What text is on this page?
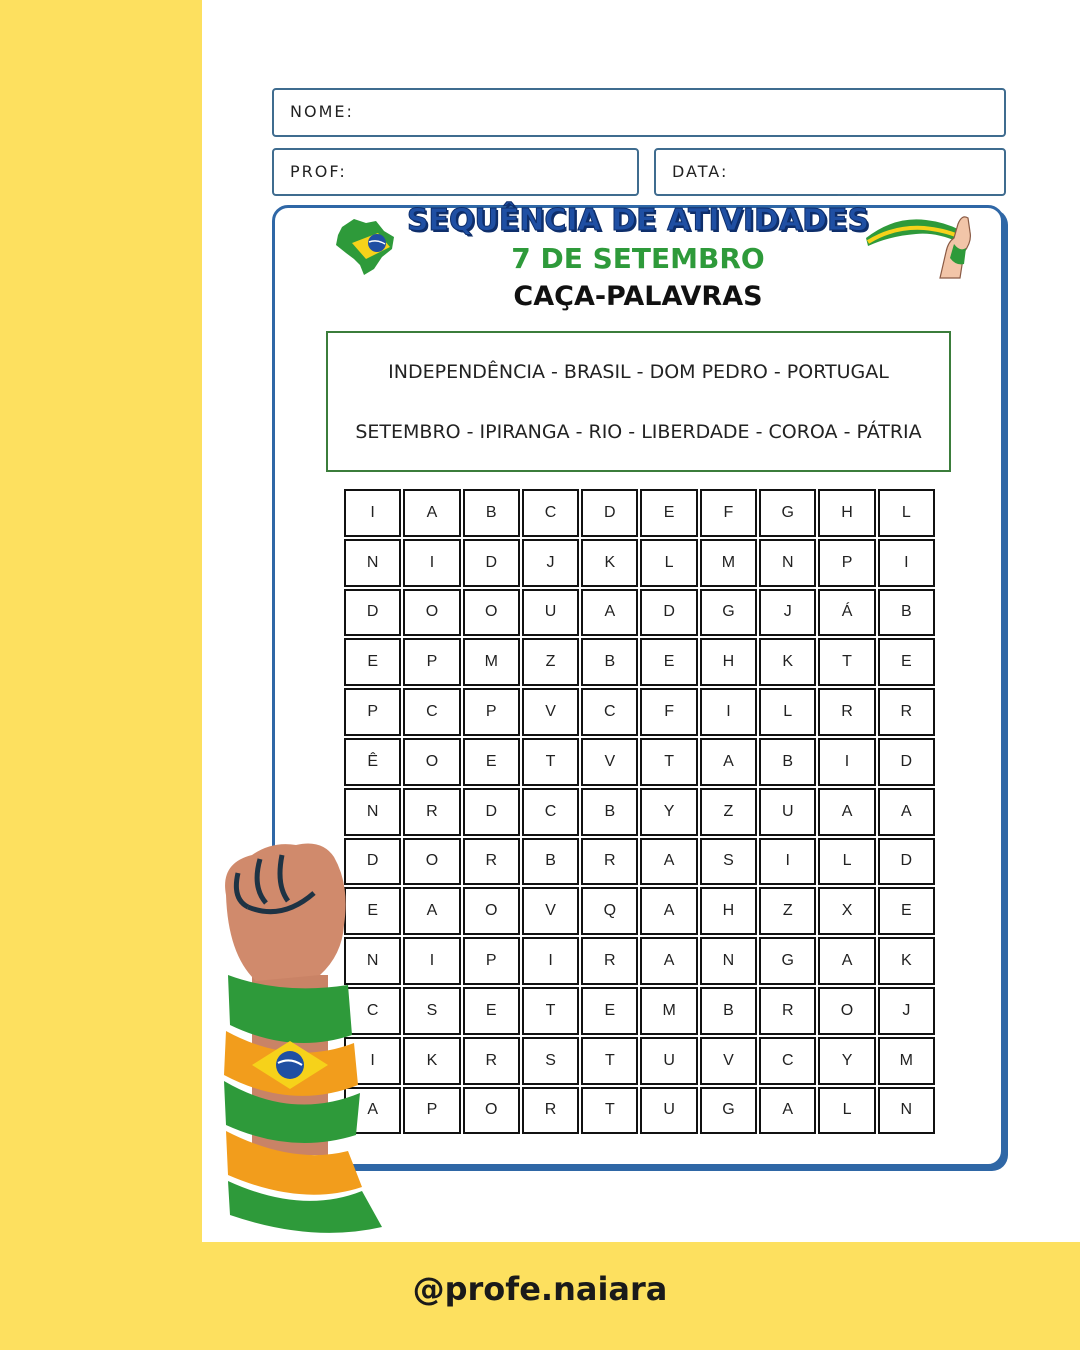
NOME:
PROF:	DATA:
SEQUÊNCIA DE ATIVIDADES
7 DE SETEMBRO
CAÇA-PALAVRAS
INDEPENDÊNCIA - BRASIL - DOM PEDRO - PORTUGAL
SETEMBRO - IPIRANGA - RIO - LIBERDADE - COROA - PÁTRIA
I	A	B	C	D	E	F	G	H	L
N	I	D	J	K	L	M	N	P	I
D	O	O	U	A	D	G	J	Á	B
E	P	M	Z	B	E	H	K	T	E
P	C	P	V	C	F	I	L	R	R
Ê	O	E	T	V	T	A	B	I	D
N	R	D	C	B	Y	Z	U	A	A
D	O	R	B	R	A	S	I	L	D
E	A	O	V	Q	A	H	Z	X	E
N	I	P	I	R	A	N	G	A	K
C	S	E	T	E	M	B	R	O	J
I	K	R	S	T	U	V	C	Y	M
A	P	O	R	T	U	G	A	L	N
@profe.naiara
